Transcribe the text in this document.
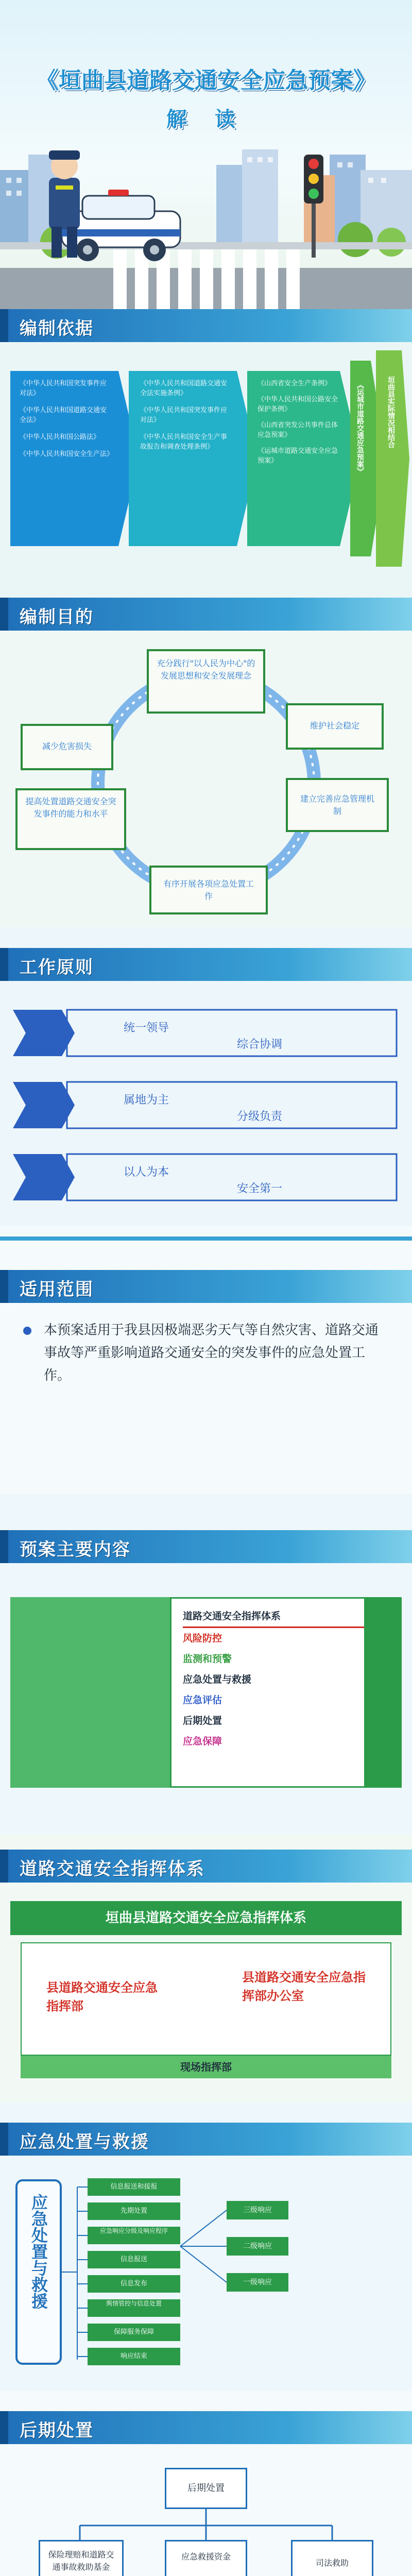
《垣曲县道路交通安全应急预案》
解 读
编制依据
《中华人民共和国突发事件应对法》
《中华人民共和国道路交通安全法》
《中华人民共和国公路法》
《中华人民共和国安全生产法》
《中华人民共和国道路交通安全法实施条例》
《中华人民共和国突发事件应对法》
《中华人民共和国安全生产事故报告和调查处理条例》
《山西省安全生产条例》
《中华人民共和国公路安全保护条例》
《山西省突发公共事件总体应急预案》
《运城市道路交通安全应急预案》	《运城市道路交通应急预案》	垣曲县实际情况相结合
编制目的
充分践行"以人民为中心"的发展思想和安全发展理念
维护社会稳定
建立完善应急管理机制
减少危害损失
提高处置道路交通安全突发事件的能力和水平
有序开展各项应急处置工作
工作原则
统一领导
综合协调
属地为主
分级负责
以人为本
安全第一
适用范围
本预案适用于我县因极端恶劣天气等自然灾害、道路交通事故等严重影响道路交通安全的突发事件的应急处置工作。
预案主要内容
道路交通安全指挥体系
风险防控
监测和预警
应急处置与救援
应急评估
后期处置
应急保障
道路交通安全指挥体系
垣曲县道路交通安全应急指挥体系
县道路交通安全应急指挥部
县道路交通安全应急指挥部办公室
现场指挥部
应急处置与救援
应急处置与救援
信息报送和接报
先期处置
应急响应分级及响应程序
信息报送
信息发布
舆情管控与信息处置
保障服务保障
响应结束
三级响应
二级响应
一级响应
后期处置
后期处置
保险理赔和道路交通事故救助基金
应急救援资金
司法救助
